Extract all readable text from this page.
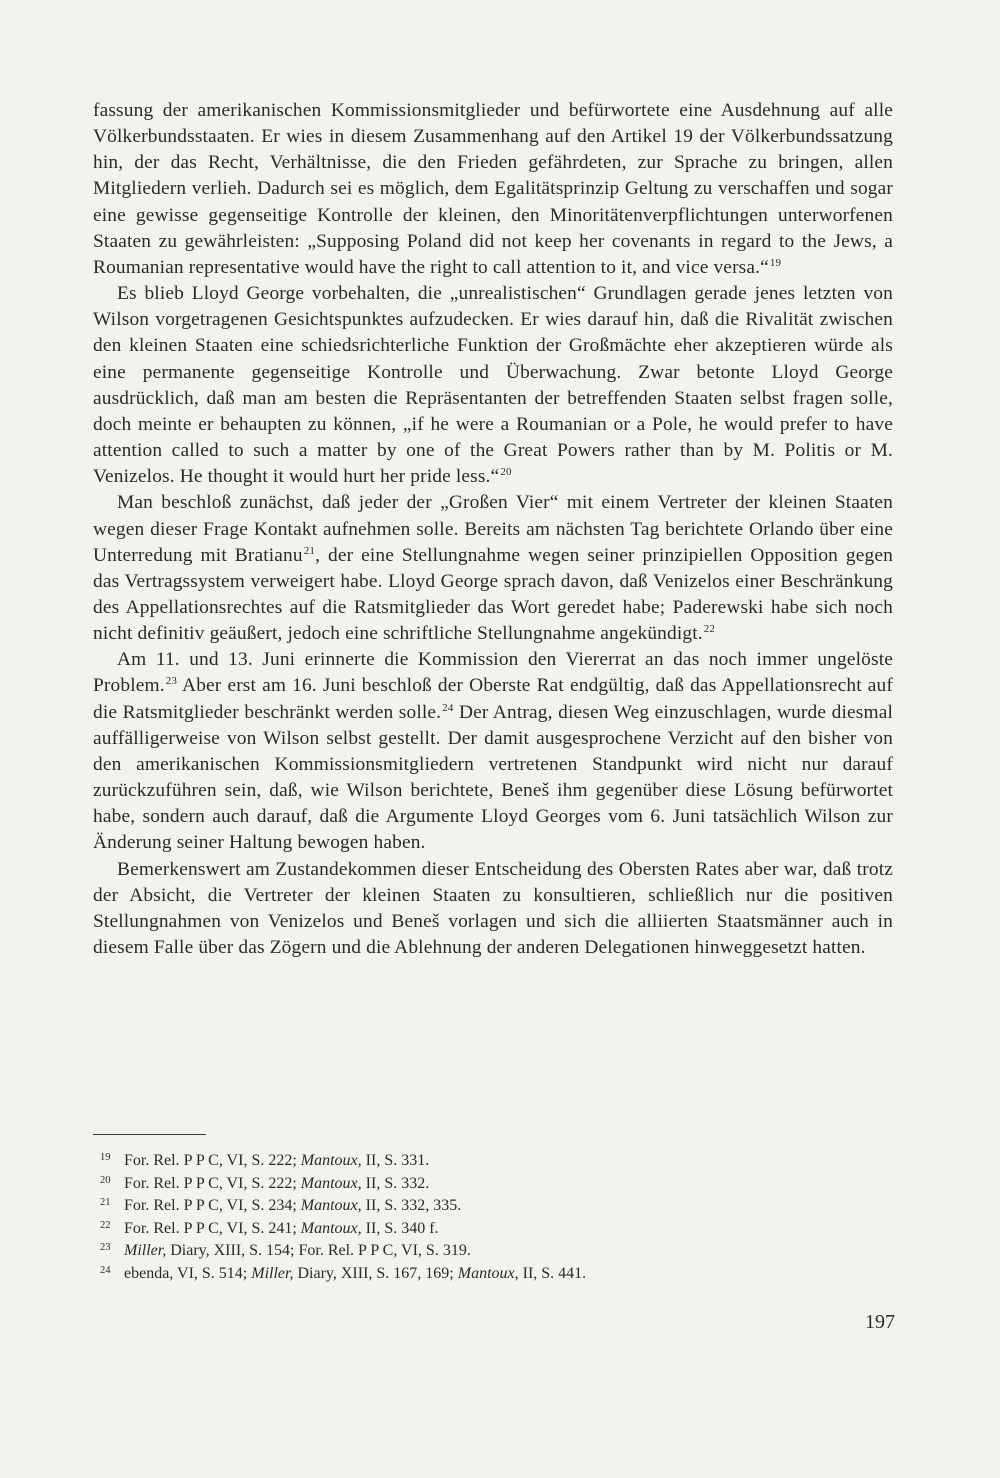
fassung der amerikanischen Kommissionsmitglieder und befürwortete eine Ausdehnung auf alle Völkerbundsstaaten. Er wies in diesem Zusammenhang auf den Artikel 19 der Völkerbundssatzung hin, der das Recht, Verhältnisse, die den Frieden gefährdeten, zur Sprache zu bringen, allen Mitgliedern verlieh. Dadurch sei es möglich, dem Egalitätsprinzip Geltung zu verschaffen und sogar eine gewisse gegenseitige Kontrolle der kleinen, den Minoritätenverpflichtungen unterworfenen Staaten zu gewährleisten: „Supposing Poland did not keep her covenants in regard to the Jews, a Roumanian representative would have the right to call attention to it, and vice versa.“$^{19}$

Es blieb Lloyd George vorbehalten, die „unrealistischen“ Grundlagen gerade jenes letzten von Wilson vorgetragenen Gesichtspunktes aufzudecken. Er wies darauf hin, daß die Rivalität zwischen den kleinen Staaten eine schiedsrichterliche Funktion der Großmächte eher akzeptieren würde als eine permanente gegenseitige Kontrolle und Überwachung. Zwar betonte Lloyd George ausdrücklich, daß man am besten die Repräsentanten der betreffenden Staaten selbst fragen solle, doch meinte er behaupten zu können, „if he were a Roumanian or a Pole, he would prefer to have attention called to such a matter by one of the Great Powers rather than by M. Politis or M. Venizelos. He thought it would hurt her pride less.“$^{20}$

Man beschloß zunächst, daß jeder der „Großen Vier“ mit einem Vertreter der kleinen Staaten wegen dieser Frage Kontakt aufnehmen solle. Bereits am nächsten Tag berichtete Orlando über eine Unterredung mit Bratianu$^{21}$, der eine Stellungnahme wegen seiner prinzipiellen Opposition gegen das Vertragssystem verweigert habe. Lloyd George sprach davon, daß Venizelos einer Beschränkung des Appellationsrechtes auf die Ratsmitglieder das Wort geredet habe; Paderewski habe sich noch nicht definitiv geäußert, jedoch eine schriftliche Stellungnahme angekündigt.$^{22}$

Am 11. und 13. Juni erinnerte die Kommission den Viererrat an das noch immer ungelöste Problem.$^{23}$ Aber erst am 16. Juni beschloß der Oberste Rat endgültig, daß das Appellationsrecht auf die Ratsmitglieder beschränkt werden solle.$^{24}$ Der Antrag, diesen Weg einzuschlagen, wurde diesmal auffälligerweise von Wilson selbst gestellt. Der damit ausgesprochene Verzicht auf den bisher von den amerikanischen Kommissionsmitgliedern vertretenen Standpunkt wird nicht nur darauf zurückzuführen sein, daß, wie Wilson berichtete, Beneš ihm gegenüber diese Lösung befürwortet habe, sondern auch darauf, daß die Argumente Lloyd Georges vom 6. Juni tatsächlich Wilson zur Änderung seiner Haltung bewogen haben.

Bemerkenswert am Zustandekommen dieser Entscheidung des Obersten Rates aber war, daß trotz der Absicht, die Vertreter der kleinen Staaten zu konsultieren, schließlich nur die positiven Stellungnahmen von Venizelos und Beneš vorlagen und sich die alliierten Staatsmänner auch in diesem Falle über das Zögern und die Ablehnung der anderen Delegationen hinweggesetzt hatten.

19 For. Rel. P P C, VI, S. 222; Mantoux, II, S. 331.
20 For. Rel. P P C, VI, S. 222; Mantoux, II, S. 332.
21 For. Rel. P P C, VI, S. 234; Mantoux, II, S. 332, 335.
22 For. Rel. P P C, VI, S. 241; Mantoux, II, S. 340 f.
23 Miller, Diary, XIII, S. 154; For. Rel. P P C, VI, S. 319.
24 ebenda, VI, S. 514; Miller, Diary, XIII, S. 167, 169; Mantoux, II, S. 441.
197
